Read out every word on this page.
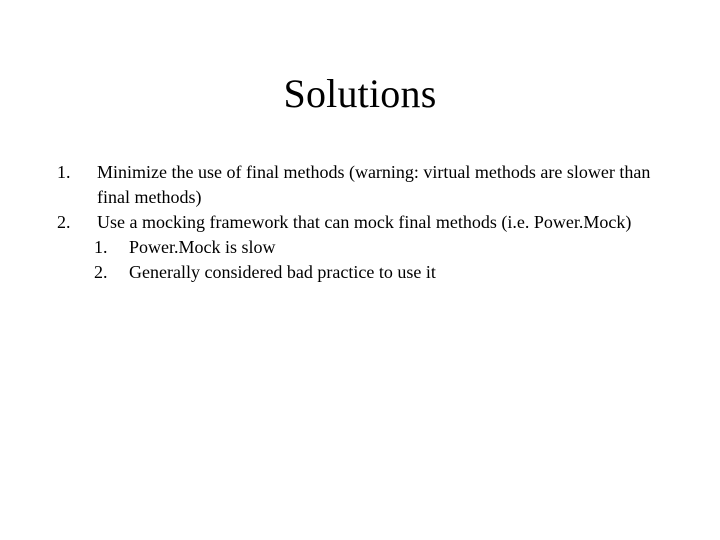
Solutions
1.	Minimize the use of final methods (warning: virtual methods are slower than final methods)
2.	Use a mocking framework that can mock final methods (i.e. Power.Mock)
1.	Power.Mock is slow
2.	Generally considered bad practice to use it
